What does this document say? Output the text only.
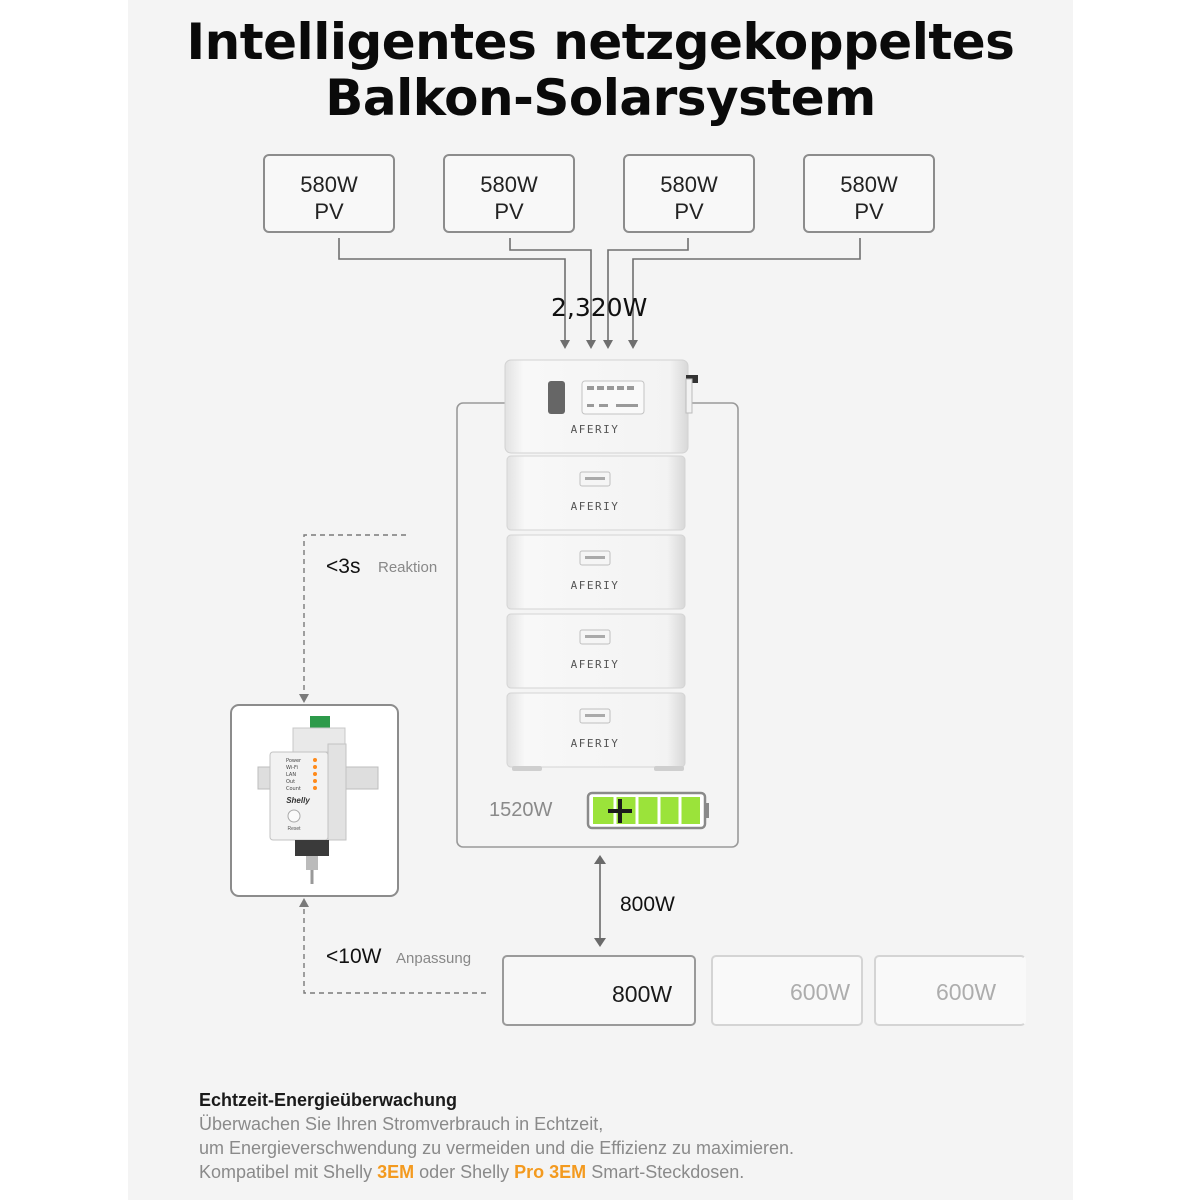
Intelligentes netzgekoppeltes
Balkon-Solarsystem
580W
PV
580W
PV
580W
PV
580W
PV
AFERIY
AFERIY
AFERIY
AFERIY
AFERIY
Power
Wi-Fi
LAN
Out
Count
Shelly
Reset
2,320W
1520W
<3s Reaktion
<10W Anpassung
800W
800W	600W	600W
Echtzeit-Energieüberwachung
Überwachen Sie Ihren Stromverbrauch in Echtzeit,
um Energieverschwendung zu vermeiden und die Effizienz zu maximieren.
Kompatibel mit Shelly 3EM oder Shelly Pro 3EM Smart-Steckdosen.
